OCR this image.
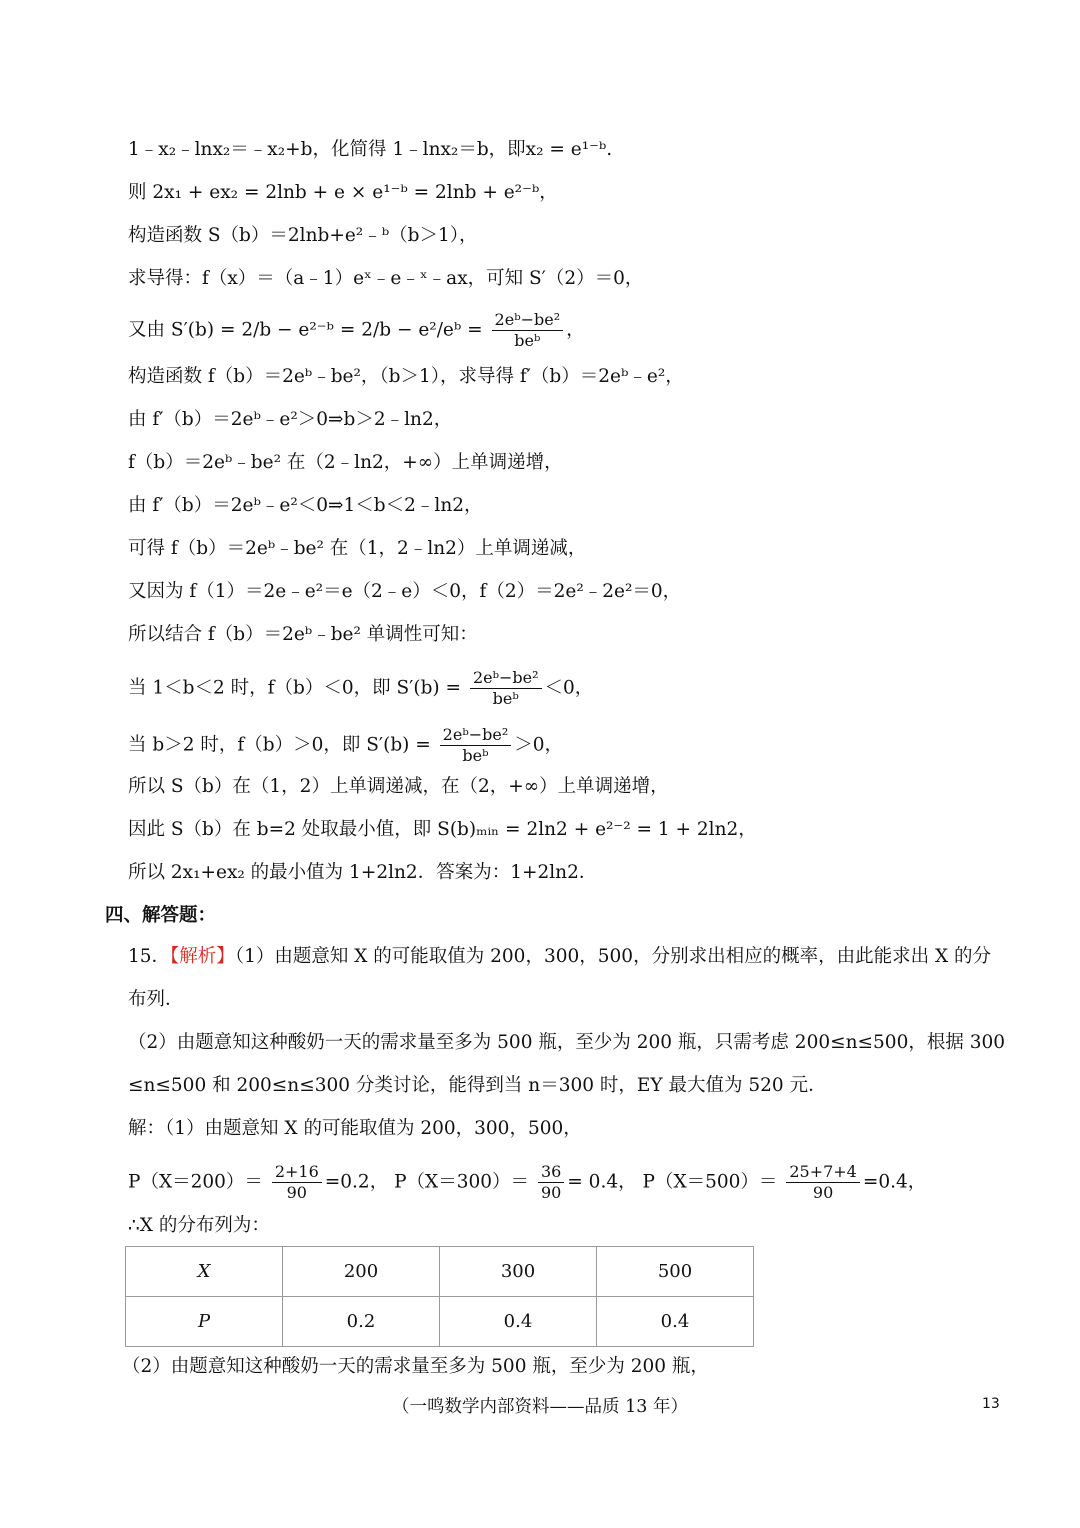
1﹣x₂﹣lnx₂＝﹣x₂+b，化简得 1﹣lnx₂＝b，即x₂ = e¹⁻ᵇ.
则 2x₁ + ex₂ = 2lnb + e × e¹⁻ᵇ = 2lnb + e²⁻ᵇ，
构造函数 S（b）＝2lnb+e²﹣ᵇ（b＞1），
求导得：f（x）＝（a﹣1）eˣ﹣e﹣ˣ﹣ax，可知 S′（2）＝0，
又由 S′(b) = 2/b − e²⁻ᵇ = 2/b − e²/eᵇ = $\frac{\text{2eᵇ−be²}}{\text{beᵇ}}$ ，
构造函数 f（b）＝2eᵇ﹣be²，（b＞1），求导得 f′（b）＝2eᵇ﹣e²，
由 f′（b）＝2eᵇ﹣e²＞0⇒b＞2﹣ln2，
f（b）＝2eᵇ﹣be² 在（2﹣ln2，+∞）上单调递增，
由 f′（b）＝2eᵇ﹣e²＜0⇒1＜b＜2﹣ln2，
可得 f（b）＝2eᵇ﹣be² 在（1，2﹣ln2）上单调递减，
又因为 f（1）＝2e﹣e²＝e（2﹣e）＜0，f（2）＝2e²﹣2e²＝0，
所以结合 f（b）＝2eᵇ﹣be² 单调性可知：
当 1＜b＜2 时，f（b）＜0，即 $S'(b) = \frac{\text{2eᵇ−be²}}{\text{beᵇ}} <0$，
当 b＞2 时，f（b）＞0，即 $S'(b) = \frac{\text{2eᵇ−be²}}{\text{beᵇ}} >0$，
所以 S（b）在（1，2）上单调递减，在（2，+∞）上单调递增，
因此 S（b）在 b=2 处取最小值，即 S(b)ₘᵢₙ = 2ln2 + e²⁻² = 1 + 2ln2，
所以 2x₁+ex₂ 的最小值为 1+2ln2．答案为：1+2ln2．
四、解答题：
15．【解析】（1）由题意知 X 的可能取值为 200，300，500，分别求出相应的概率，由此能求出 X 的分
布列．
（2）由题意知这种酸奶一天的需求量至多为 500 瓶，至少为 200 瓶，只需考虑 200≤n≤500，根据 300
≤n≤500 和 200≤n≤300 分类讨论，能得到当 n＝300 时，EY 最大值为 520 元．
解：（1）由题意知 X 的可能取值为 200，300，500，
$P(X=200)= \frac{2+16}{90} =0.2$， $P(X=300)= \frac{36}{90} = 0.4$， $P(X=500)= \frac{25+7+4}{90} =0.4$，
∴X 的分布列为：
X	200	300	500
P	0.2	0.4	0.4
（2）由题意知这种酸奶一天的需求量至多为 500 瓶，至少为 200 瓶，
（一鸣数学内部资料——品质 13 年）	13
